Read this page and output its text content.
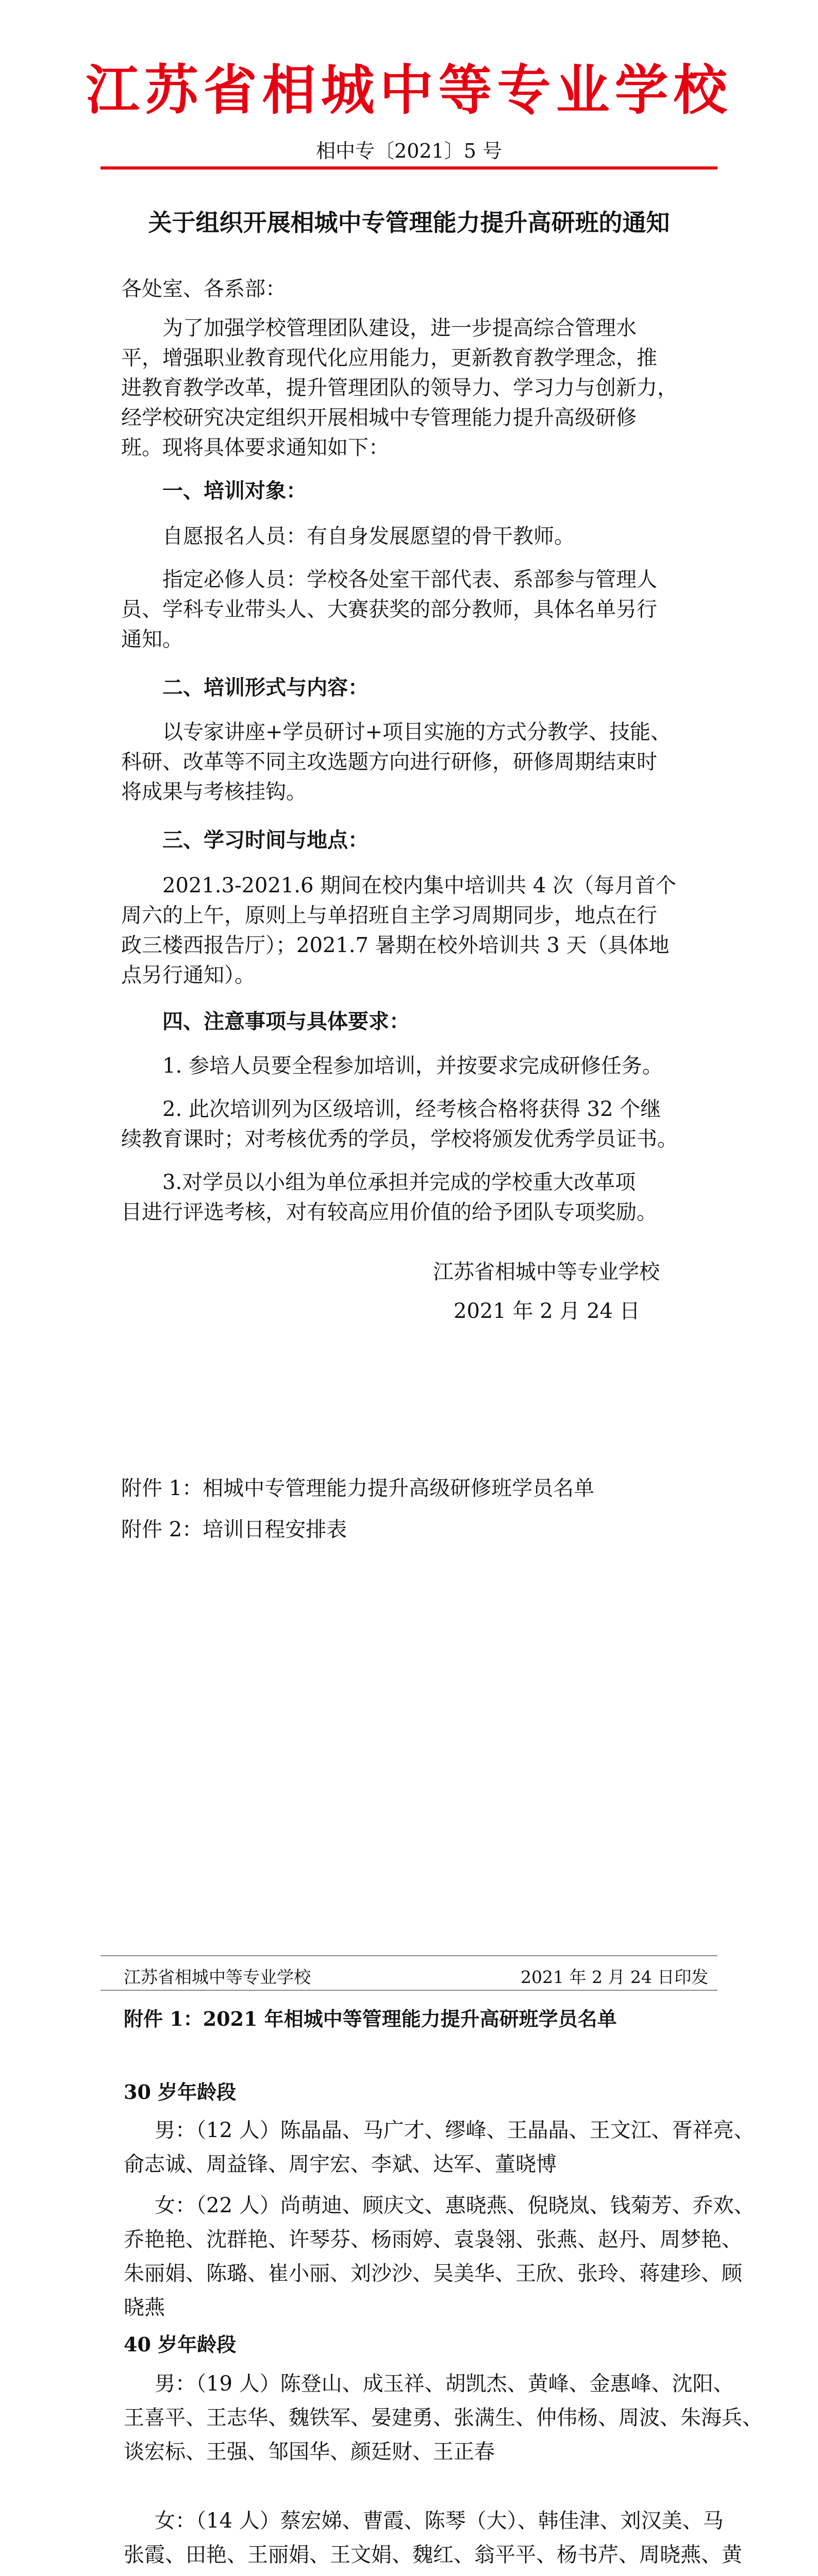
江苏省相城中等专业学校
相中专〔2021〕5 号
关于组织开展相城中专管理能力提升高研班的通知
各处室、各系部：
为了加强学校管理团队建设，进一步提高综合管理水
平，增强职业教育现代化应用能力，更新教育教学理念，推
进教育教学改革，提升管理团队的领导力、学习力与创新力，
经学校研究决定组织开展相城中专管理能力提升高级研修
班。现将具体要求通知如下：
一、培训对象：
自愿报名人员：有自身发展愿望的骨干教师。
指定必修人员：学校各处室干部代表、系部参与管理人
员、学科专业带头人、大赛获奖的部分教师，具体名单另行
通知。
二、培训形式与内容：
以专家讲座+学员研讨+项目实施的方式分教学、技能、
科研、改革等不同主攻选题方向进行研修，研修周期结束时
将成果与考核挂钩。
三、学习时间与地点：
2021.3-2021.6 期间在校内集中培训共 4 次（每月首个
周六的上午，原则上与单招班自主学习周期同步，地点在行
政三楼西报告厅）；2021.7 暑期在校外培训共 3 天（具体地
点另行通知）。
四、注意事项与具体要求：
1. 参培人员要全程参加培训，并按要求完成研修任务。
2. 此次培训列为区级培训，经考核合格将获得 32 个继
续教育课时；对考核优秀的学员，学校将颁发优秀学员证书。
3.对学员以小组为单位承担并完成的学校重大改革项
目进行评选考核，对有较高应用价值的给予团队专项奖励。
江苏省相城中等专业学校
2021 年 2 月 24 日
附件 1：相城中专管理能力提升高级研修班学员名单
附件 2：培训日程安排表
江苏省相城中等专业学校	2021 年 2 月 24 日印发
附件 1：2021 年相城中等管理能力提升高研班学员名单
30 岁年龄段
男：（12 人）陈晶晶、马广才、缪峰、王晶晶、王文江、胥祥亮、
俞志诚、周益锋、周宇宏、李斌、达军、董晓博
女：（22 人）尚萌迪、顾庆文、惠晓燕、倪晓岚、钱菊芳、乔欢、
乔艳艳、沈群艳、许琴芬、杨雨婷、袁袅翎、张燕、赵丹、周梦艳、
朱丽娟、陈璐、崔小丽、刘沙沙、吴美华、王欣、张玲、蒋建珍、顾
晓燕
40 岁年龄段
男：（19 人）陈登山、成玉祥、胡凯杰、黄峰、金惠峰、沈阳、
王喜平、王志华、魏铁军、晏建勇、张满生、仲伟杨、周波、朱海兵、
谈宏标、王强、邹国华、颜廷财、王正春
女：（14 人）蔡宏娣、曹霞、陈琴（大）、韩佳津、刘汉美、马
张霞、田艳、王丽娟、王文娟、魏红、翁平平、杨书芹、周晓燕、黄
